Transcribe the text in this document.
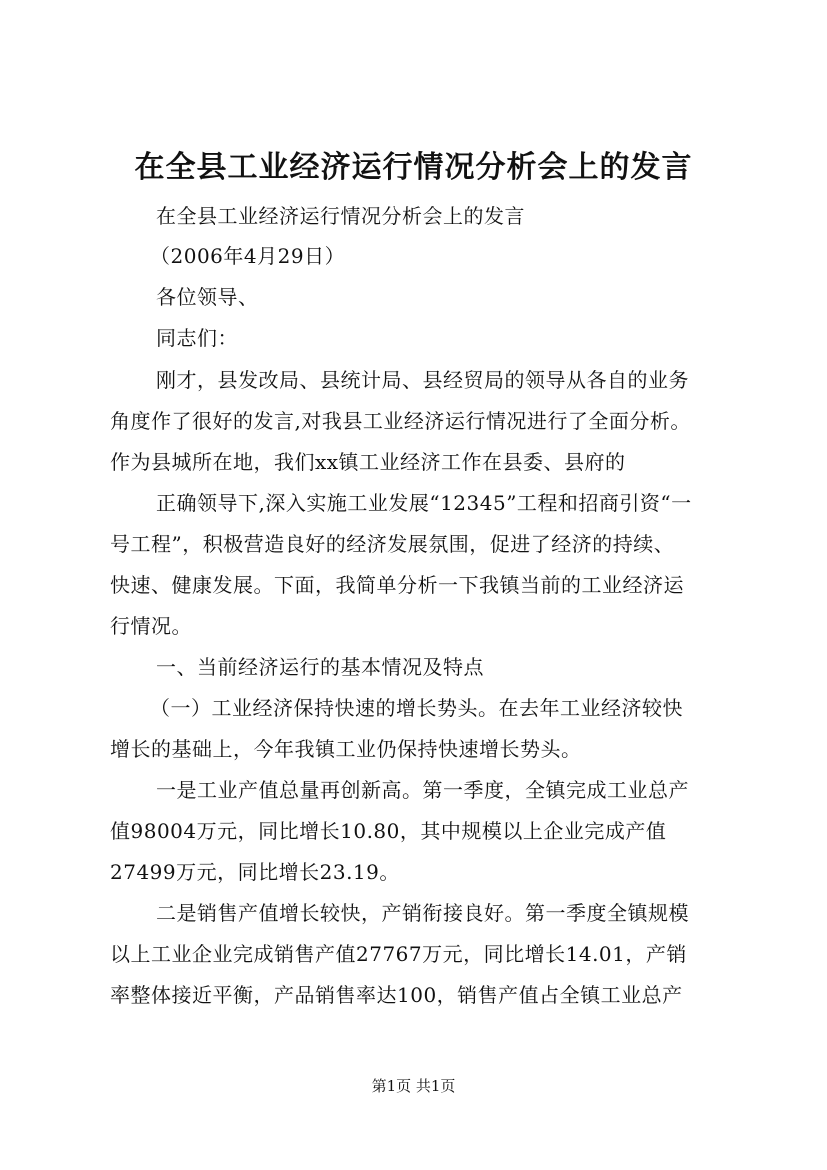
在全县工业经济运行情况分析会上的发言
在全县工业经济运行情况分析会上的发言
（2006年4月29日）
各位领导、
同志们：
刚才，县发改局、县统计局、县经贸局的领导从各自的业务
角度作了很好的发言,对我县工业经济运行情况进行了全面分析。
作为县城所在地，我们xx镇工业经济工作在县委、县府的
正确领导下,深入实施工业发展“12345”工程和招商引资“一
号工程”，积极营造良好的经济发展氛围，促进了经济的持续、
快速、健康发展。下面，我简单分析一下我镇当前的工业经济运
行情况。
一、当前经济运行的基本情况及特点
（一）工业经济保持快速的增长势头。在去年工业经济较快
增长的基础上，今年我镇工业仍保持快速增长势头。
一是工业产值总量再创新高。第一季度，全镇完成工业总产
值98004万元，同比增长10.80，其中规模以上企业完成产值
27499万元，同比增长23.19。
二是销售产值增长较快，产销衔接良好。第一季度全镇规模
以上工业企业完成销售产值27767万元，同比增长14.01，产销
率整体接近平衡，产品销售率达100，销售产值占全镇工业总产
第1页 共1页
